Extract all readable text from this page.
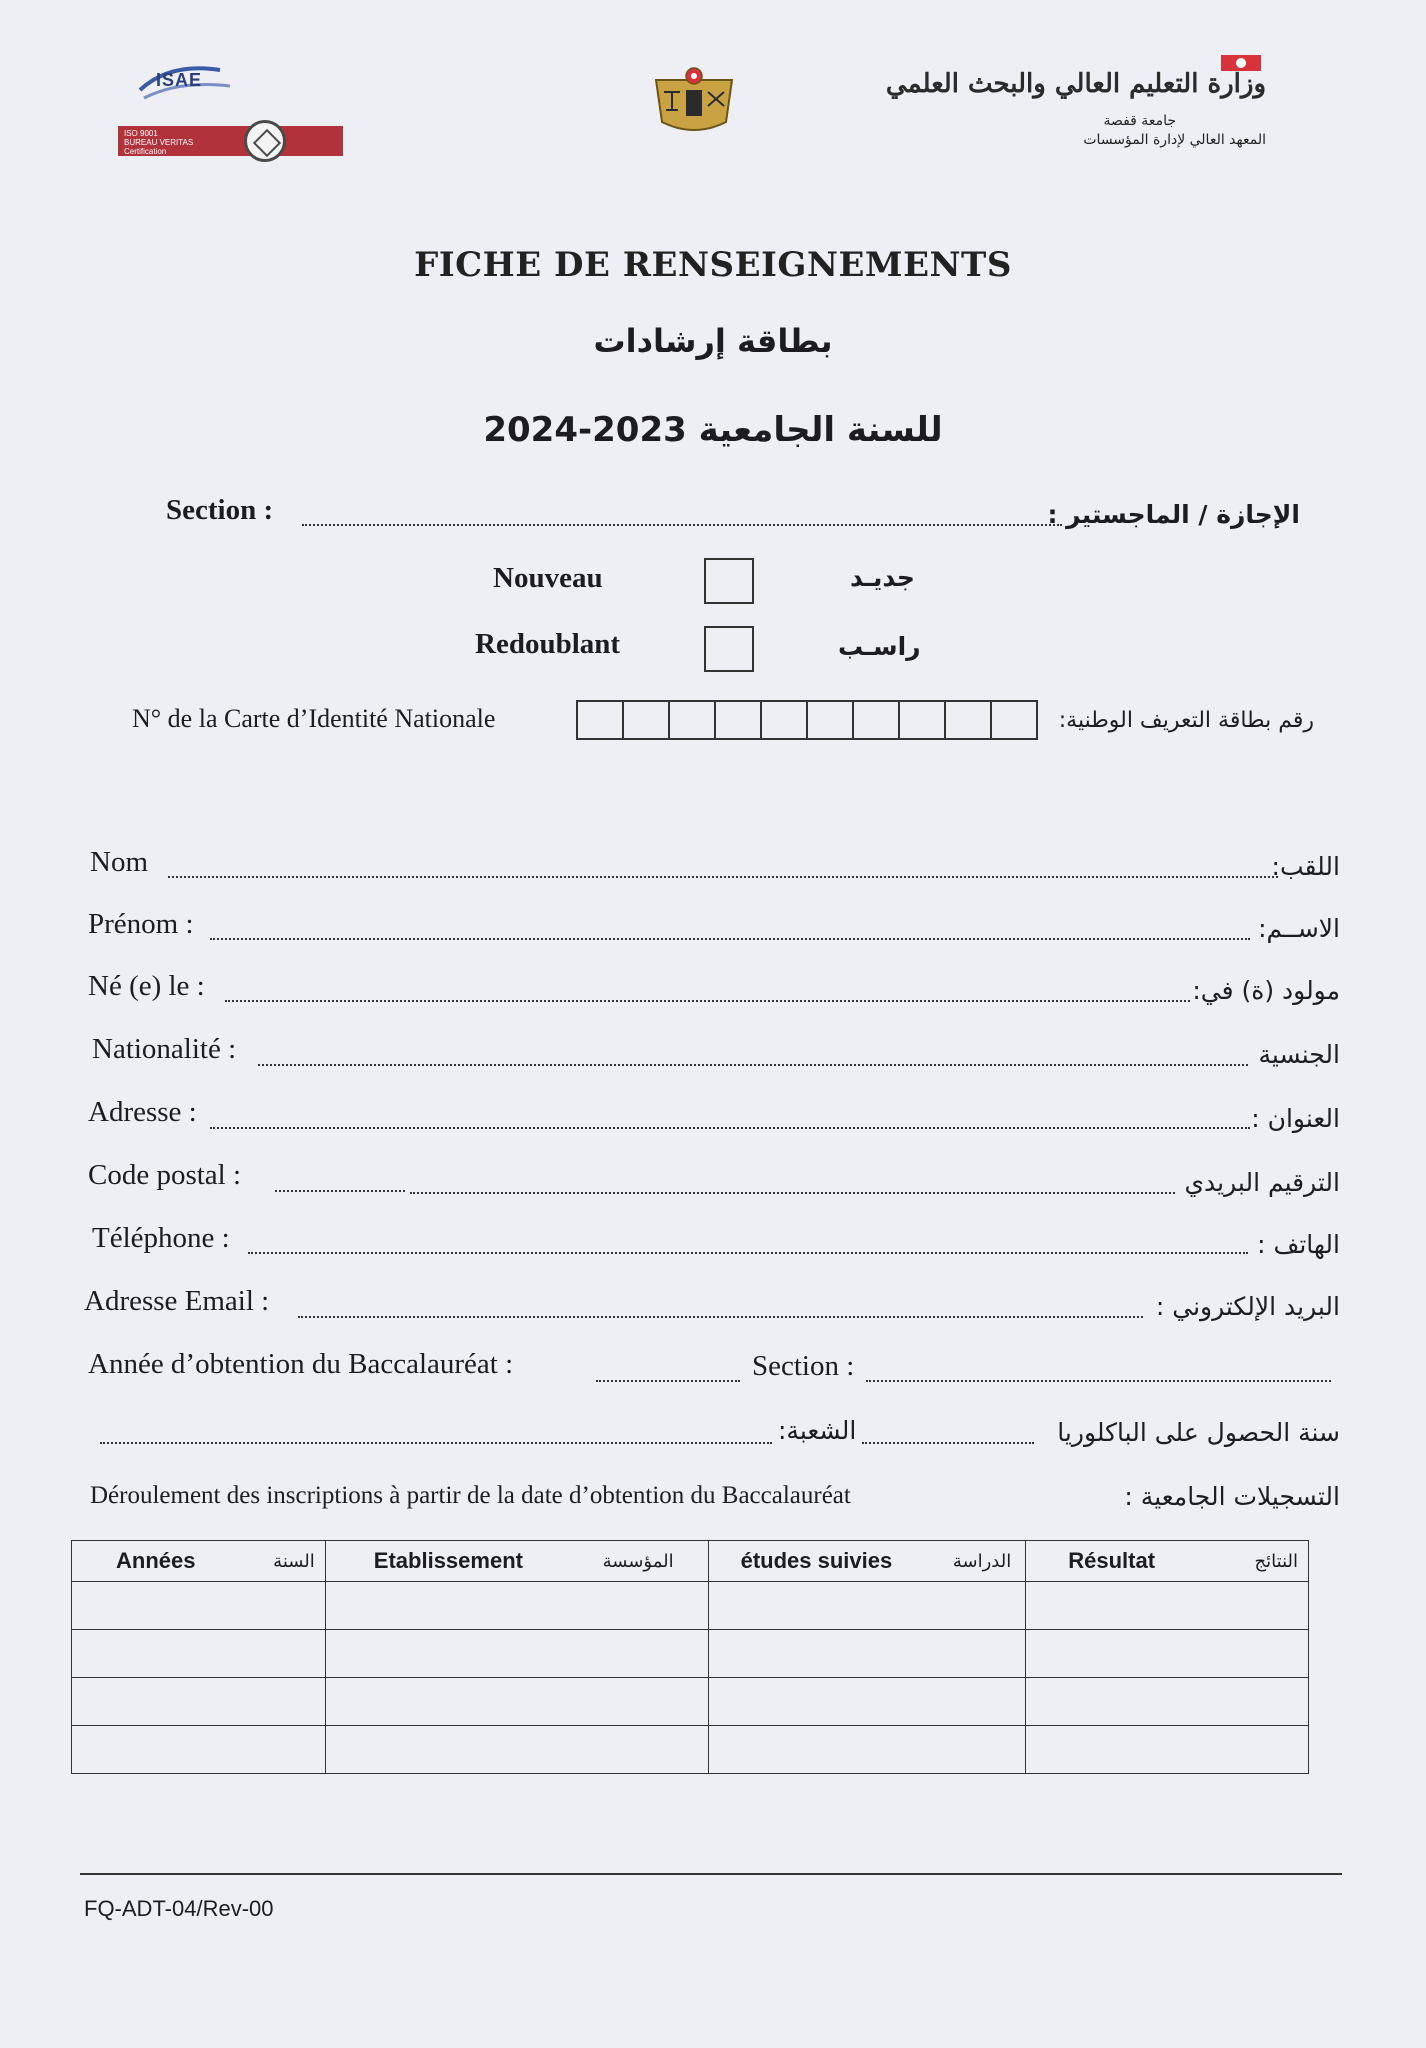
ISAE
ISO 9001
BUREAU VERITAS
Certification
وزارة التعليم العالي والبحث العلمي
جامعة قفصة
المعهد العالي لإدارة المؤسسات
FICHE DE RENSEIGNEMENTS
بطاقة إرشادات
للسنة الجامعية 2023-2024
Section :	الإجازة / الماجستير :
Nouveau	جديـد
Redoublant	راسـب
N° de la Carte d’Identité Nationale	رقم بطاقة التعريف الوطنية:
Nom	اللقب:
Prénom :	الاســم:
Né (e) le :	مولود (ة) في:
Nationalité :	الجنسية
Adresse :	العنوان :
Code postal :	الترقيم البريدي
Téléphone :	الهاتف :
Adresse Email :	البريد الإلكتروني :
Année d’obtention du Baccalauréat :	Section :
الشعبة:	سنة الحصول على الباكلوريا
Déroulement des inscriptions à partir de la date d’obtention du Baccalauréat	التسجيلات الجامعية :
Années السنة	Etablissement المؤسسة	études suivies الدراسة	Résultat النتائج

FQ-ADT-04/Rev-00
